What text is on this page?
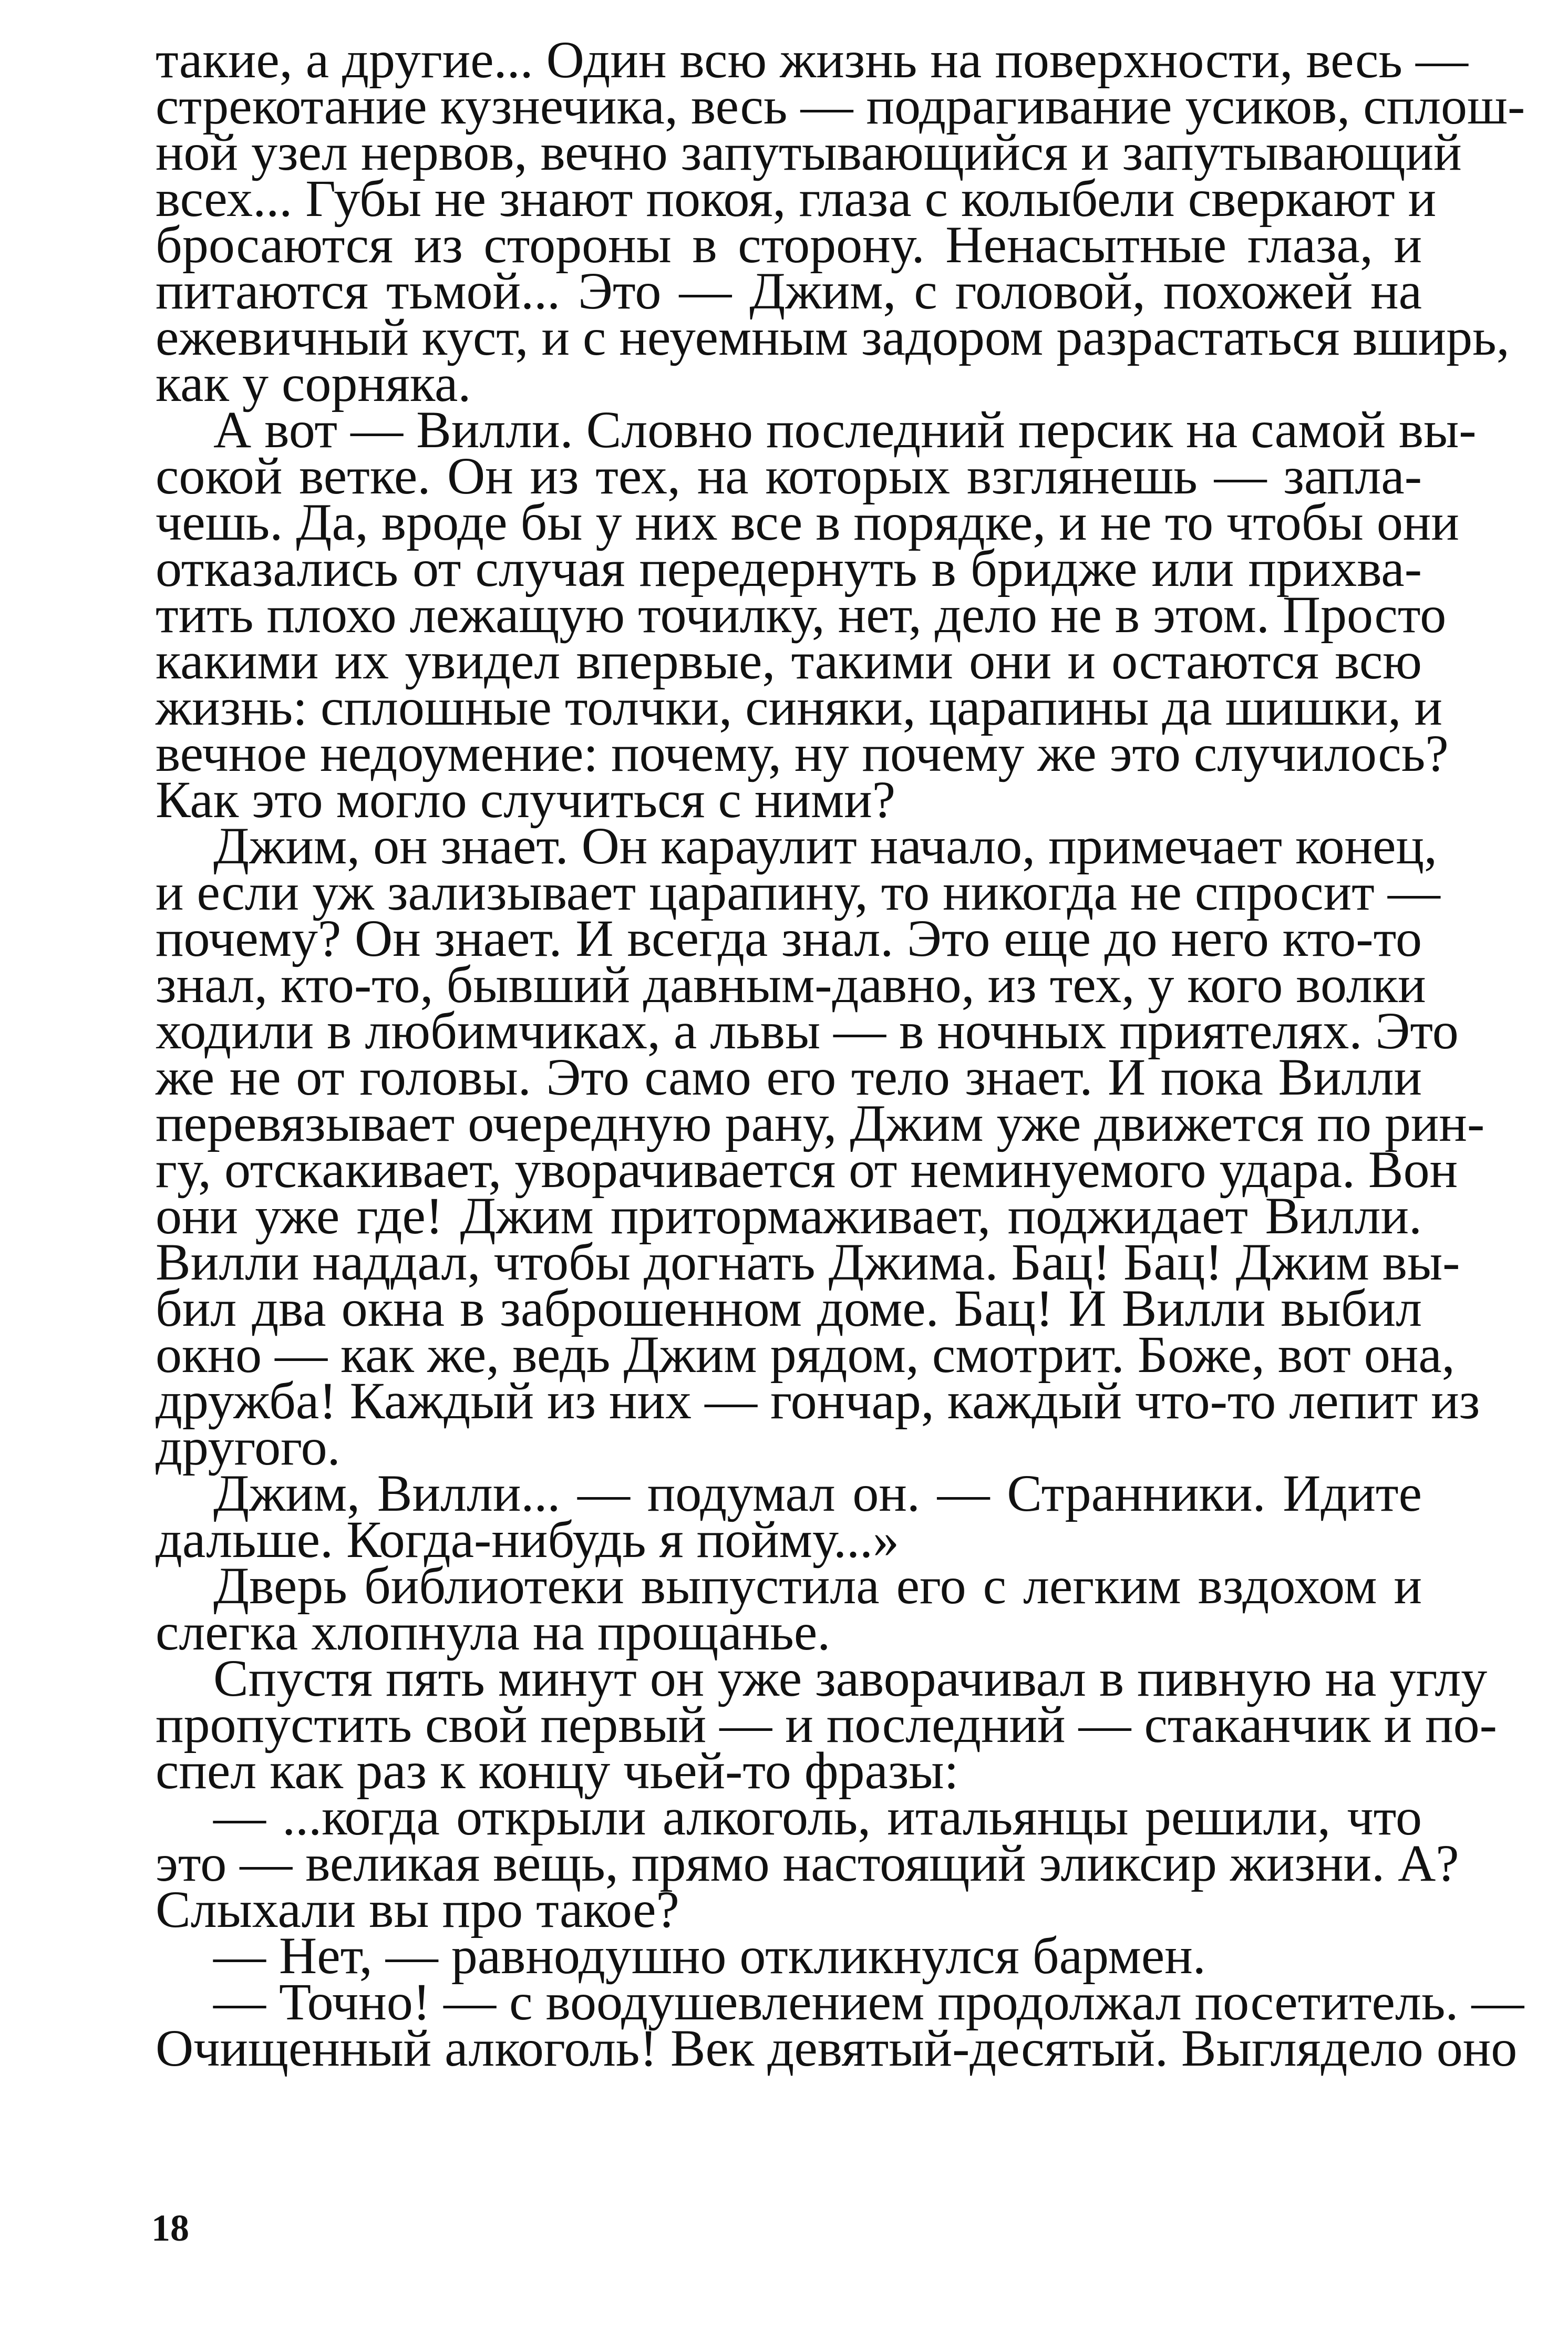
такие, а другие... Один всю жизнь на поверхности, весь —
стрекотание кузнечика, весь — подрагивание усиков, сплош-
ной узел нервов, вечно запутывающийся и запутывающий
всех... Губы не знают покоя, глаза с колыбели сверкают и
бросаются из стороны в сторону. Ненасытные глаза, и
питаются тьмой... Это — Джим, с головой, похожей на
ежевичный куст, и с неуемным задором разрастаться вширь,
как у сорняка.
А вот — Вилли. Словно последний персик на самой вы-
сокой ветке. Он из тех, на которых взглянешь — запла-
чешь. Да, вроде бы у них все в порядке, и не то чтобы они
отказались от случая передернуть в бридже или прихва-
тить плохо лежащую точилку, нет, дело не в этом. Просто
какими их увидел впервые, такими они и остаются всю
жизнь: сплошные толчки, синяки, царапины да шишки, и
вечное недоумение: почему, ну почему же это случилось?
Как это могло случиться с ними?
Джим, он знает. Он караулит начало, примечает конец,
и если уж зализывает царапину, то никогда не спросит —
почему? Он знает. И всегда знал. Это еще до него кто-то
знал, кто-то, бывший давным-давно, из тех, у кого волки
ходили в любимчиках, а львы — в ночных приятелях. Это
же не от головы. Это само его тело знает. И пока Вилли
перевязывает очередную рану, Джим уже движется по рин-
гу, отскакивает, уворачивается от неминуемого удара. Вон
они уже где! Джим притормаживает, поджидает Вилли.
Вилли наддал, чтобы догнать Джима. Бац! Бац! Джим вы-
бил два окна в заброшенном доме. Бац! И Вилли выбил
окно — как же, ведь Джим рядом, смотрит. Боже, вот она,
дружба! Каждый из них — гончар, каждый что-то лепит из
другого.
Джим, Вилли... — подумал он. — Странники. Идите
дальше. Когда-нибудь я пойму...»
Дверь библиотеки выпустила его с легким вздохом и
слегка хлопнула на прощанье.
Спустя пять минут он уже заворачивал в пивную на углу
пропустить свой первый — и последний — стаканчик и по-
спел как раз к концу чьей-то фразы:
— ...когда открыли алкоголь, итальянцы решили, что
это — великая вещь, прямо настоящий эликсир жизни. А?
Слыхали вы про такое?
— Нет, — равнодушно откликнулся бармен.
— Точно! — с воодушевлением продолжал посетитель. —
Очищенный алкоголь! Век девятый-десятый. Выглядело оно
18
